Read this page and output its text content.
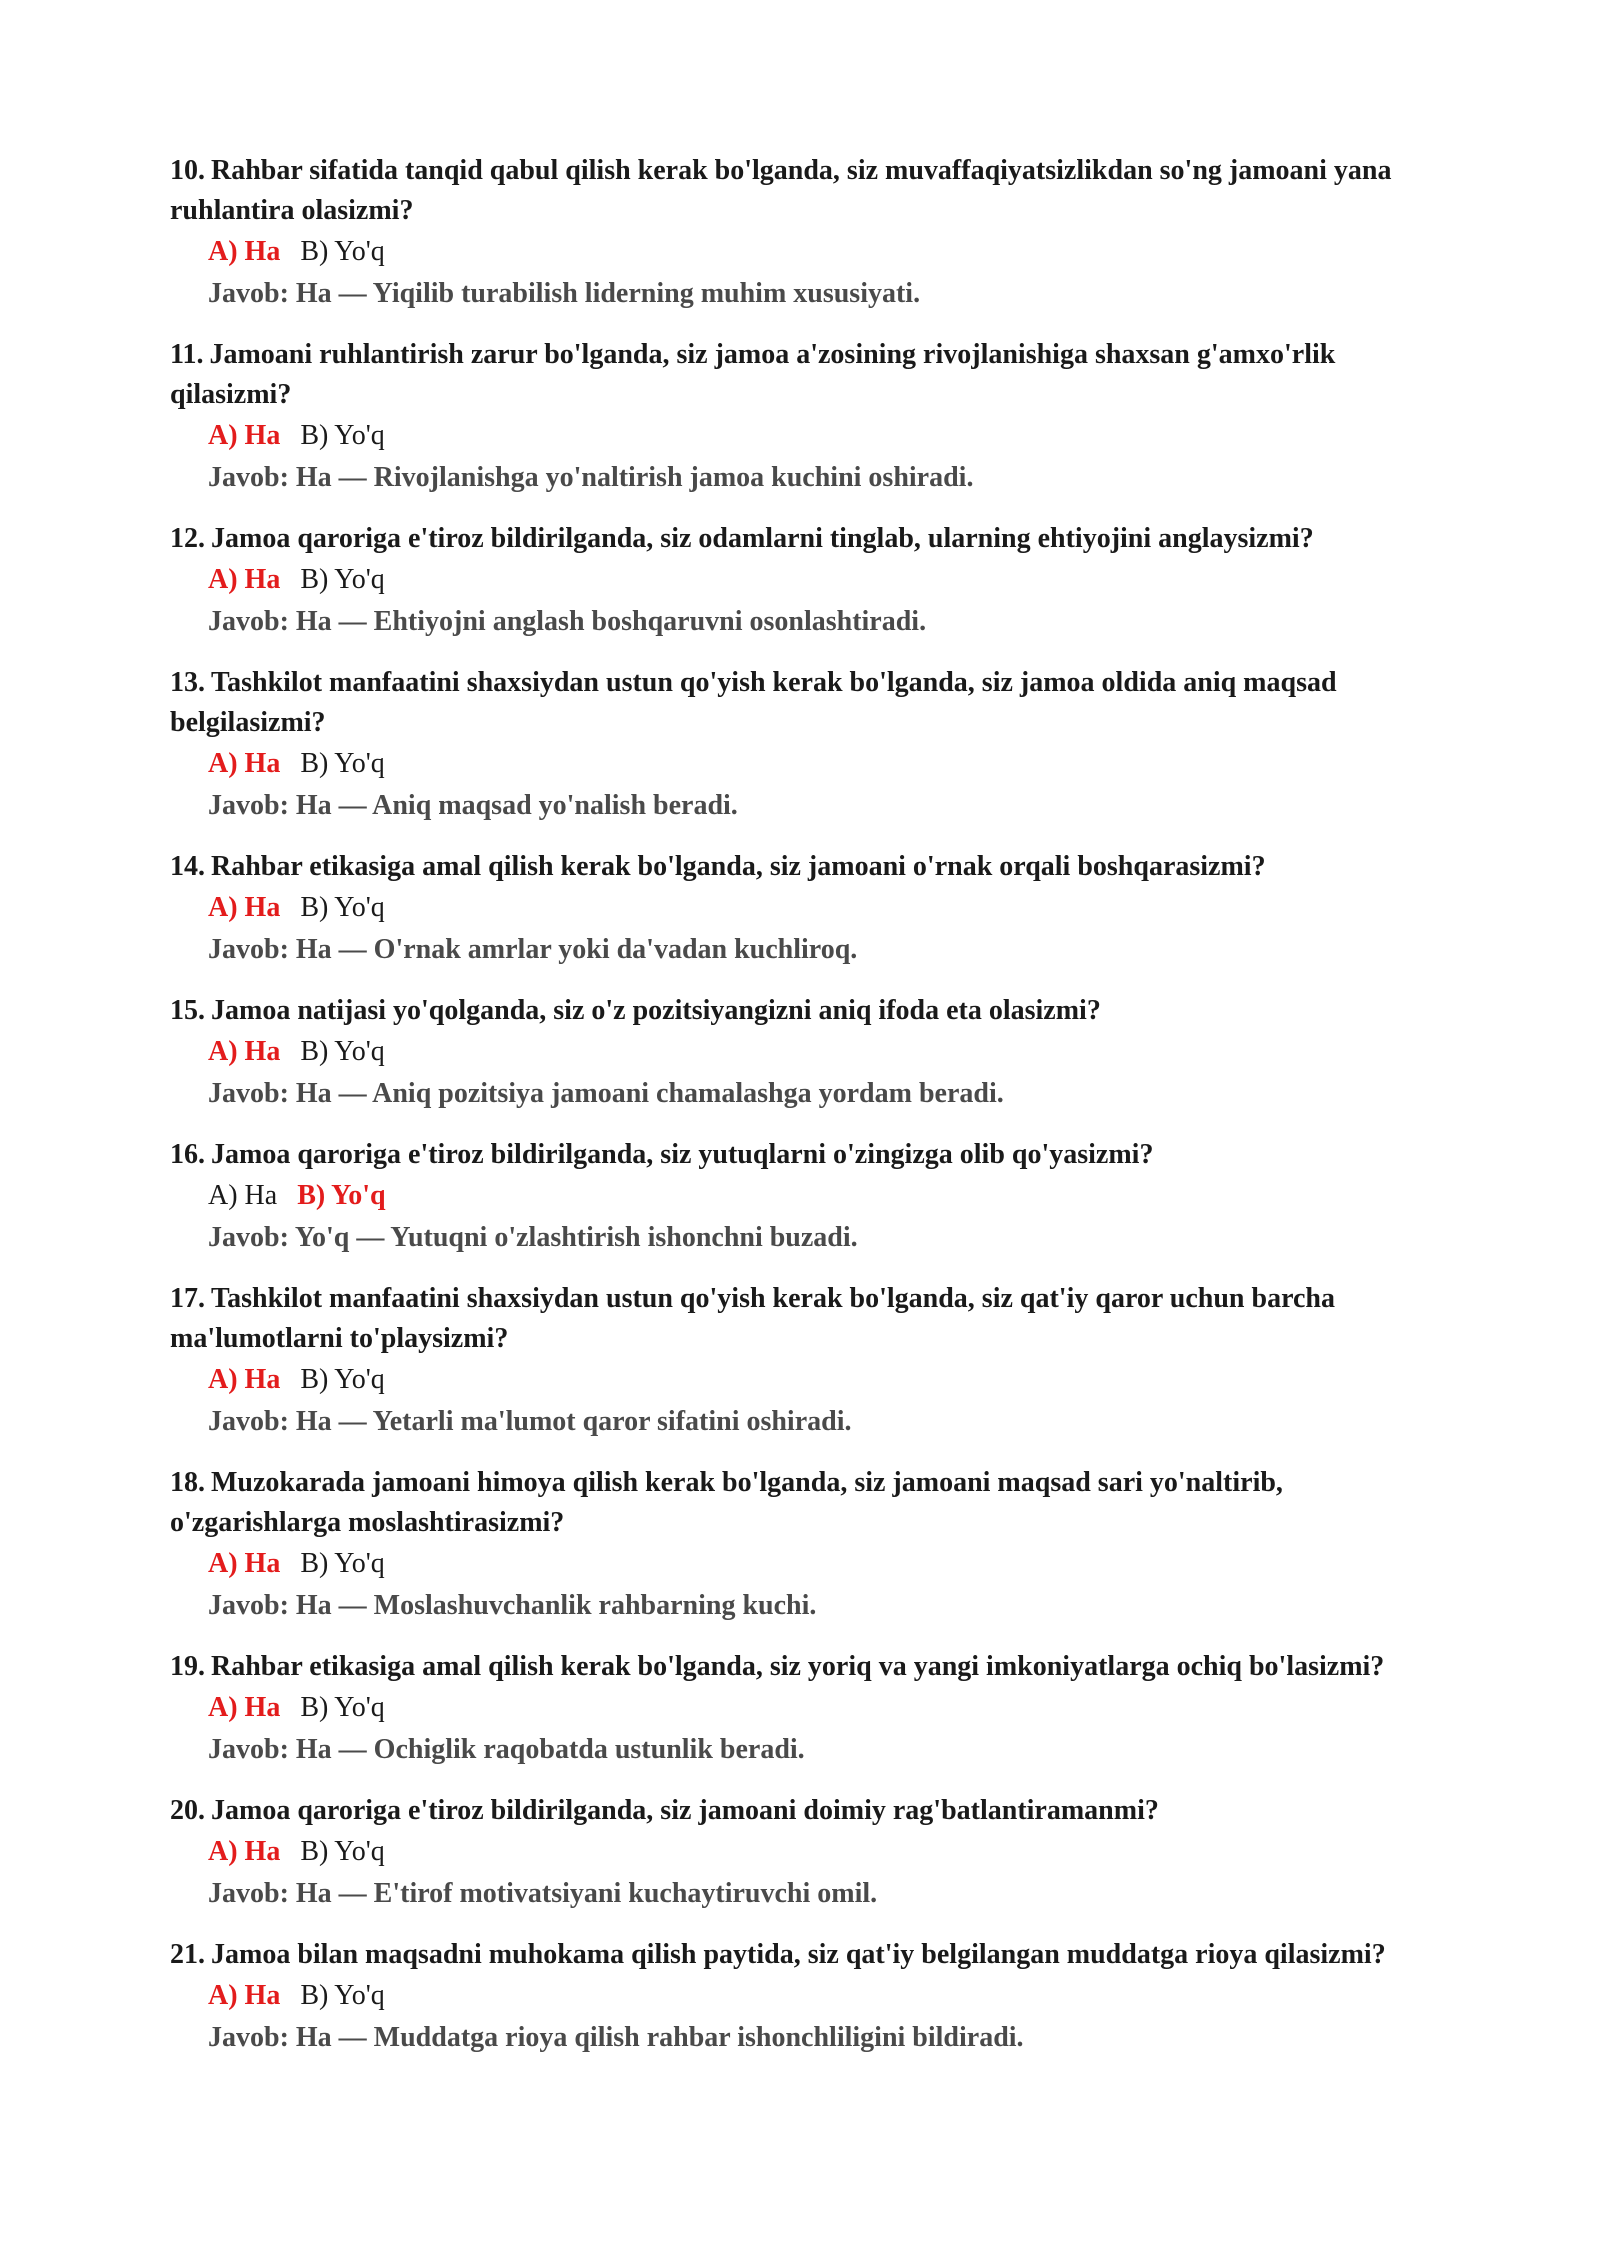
10. Rahbar sifatida tanqid qabul qilish kerak bo'lganda, siz muvaffaqiyatsizlikdan so'ng jamoani yana ruhlantira olasizmi?

A) Ha B) Yo'q
Javob: Ha — Yiqilib turabilish liderning muhim xususiyati.

11. Jamoani ruhlantirish zarur bo'lganda, siz jamoa a'zosining rivojlanishiga shaxsan g'amxo'rlik qilasizmi?

A) Ha B) Yo'q
Javob: Ha — Rivojlanishga yo'naltirish jamoa kuchini oshiradi.

12. Jamoa qaroriga e'tiroz bildirilganda, siz odamlarni tinglab, ularning ehtiyojini anglaysizmi?

A) Ha B) Yo'q
Javob: Ha — Ehtiyojni anglash boshqaruvni osonlashtiradi.

13. Tashkilot manfaatini shaxsiydan ustun qo'yish kerak bo'lganda, siz jamoa oldida aniq maqsad belgilasizmi?

A) Ha B) Yo'q
Javob: Ha — Aniq maqsad yo'nalish beradi.

14. Rahbar etikasiga amal qilish kerak bo'lganda, siz jamoani o'rnak orqali boshqarasizmi?

A) Ha B) Yo'q
Javob: Ha — O'rnak amrlar yoki da'vadan kuchliroq.

15. Jamoa natijasi yo'qolganda, siz o'z pozitsiyangizni aniq ifoda eta olasizmi?

A) Ha B) Yo'q
Javob: Ha — Aniq pozitsiya jamoani chamalashga yordam beradi.

16. Jamoa qaroriga e'tiroz bildirilganda, siz yutuqlarni o'zingizga olib qo'yasizmi?

A) Ha B) Yo'q
Javob: Yo'q — Yutuqni o'zlashtirish ishonchni buzadi.

17. Tashkilot manfaatini shaxsiydan ustun qo'yish kerak bo'lganda, siz qat'iy qaror uchun barcha ma'lumotlarni to'playsizmi?

A) Ha B) Yo'q
Javob: Ha — Yetarli ma'lumot qaror sifatini oshiradi.

18. Muzokarada jamoani himoya qilish kerak bo'lganda, siz jamoani maqsad sari yo'naltirib, o'zgarishlarga moslashtirasizmi?

A) Ha B) Yo'q
Javob: Ha — Moslashuvchanlik rahbarning kuchi.

19. Rahbar etikasiga amal qilish kerak bo'lganda, siz yoriq va yangi imkoniyatlarga ochiq bo'lasizmi?

A) Ha B) Yo'q
Javob: Ha — Ochiglik raqobatda ustunlik beradi.

20. Jamoa qaroriga e'tiroz bildirilganda, siz jamoani doimiy rag'batlantiramanmi?

A) Ha B) Yo'q
Javob: Ha — E'tirof motivatsiyani kuchaytiruvchi omil.

21. Jamoa bilan maqsadni muhokama qilish paytida, siz qat'iy belgilangan muddatga rioya qilasizmi?

A) Ha B) Yo'q
Javob: Ha — Muddatga rioya qilish rahbar ishonchliligini bildiradi.
